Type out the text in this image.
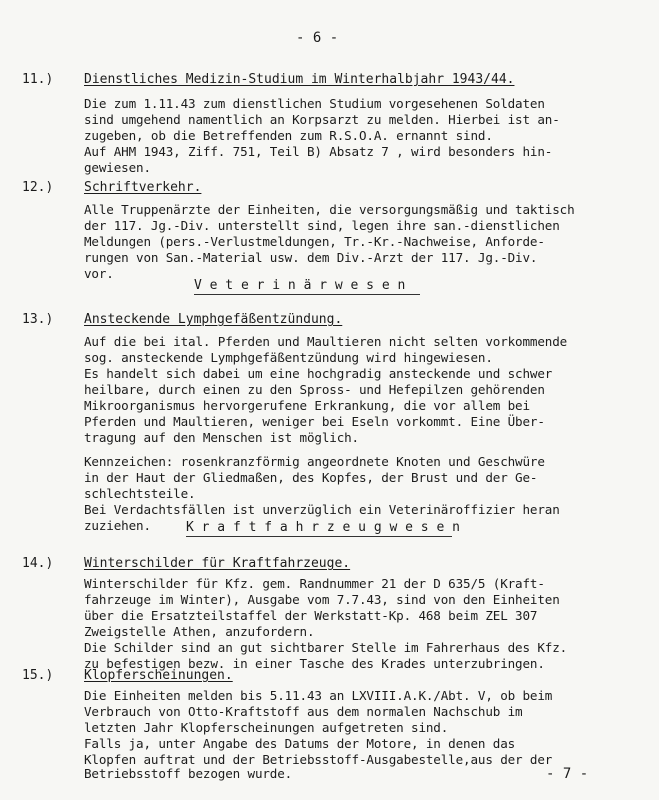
- 6 -
11.) Dienstliches Medizin-Studium im Winterhalbjahr 1943/44.
Die zum 1.11.43 zum dienstlichen Studium vorgesehenen Soldaten
sind umgehend namentlich an Korpsarzt zu melden. Hierbei ist an-
zugeben, ob die Betreffenden zum R.S.O.A. ernannt sind.
Auf AHM 1943, Ziff. 751, Teil B) Absatz 7 , wird besonders hin-
gewiesen.
12.) Schriftverkehr.
Alle Truppenärzte der Einheiten, die versorgungsmäßig und taktisch
der 117. Jg.-Div. unterstellt sind, legen ihre san.-dienstlichen
Meldungen (pers.-Verlustmeldungen, Tr.-Kr.-Nachweise, Anforde-
rungen von San.-Material usw. dem Div.-Arzt der 117. Jg.-Div.
vor.
V e t e r i n ä r w e s e n
13.) Ansteckende Lymphgefäßentzündung.
Auf die bei ital. Pferden und Maultieren nicht selten vorkommende
sog. ansteckende Lymphgefäßentzündung wird hingewiesen.
Es handelt sich dabei um eine hochgradig ansteckende und schwer
heilbare, durch einen zu den Spross- und Hefepilzen gehörenden
Mikroorganismus hervorgerufene Erkrankung, die vor allem bei
Pferden und Maultieren, weniger bei Eseln vorkommt. Eine Über-
tragung auf den Menschen ist möglich.
Kennzeichen: rosenkranzförmig angeordnete Knoten und Geschwüre
in der Haut der Gliedmaßen, des Kopfes, der Brust und der Ge-
schlechtsteile.
Bei Verdachtsfällen ist unverzüglich ein Veterinäroffizier heran
zuziehen.	K r a f t f a h r z e u g w e s e n
14.) Winterschilder für Kraftfahrzeuge.
Winterschilder für Kfz. gem. Randnummer 21 der D 635/5 (Kraft-
fahrzeuge im Winter), Ausgabe vom 7.7.43, sind von den Einheiten
über die Ersatzteilstaffel der Werkstatt-Kp. 468 beim ZEL 307
Zweigstelle Athen, anzufordern.
Die Schilder sind an gut sichtbarer Stelle im Fahrerhaus des Kfz.
zu befestigen bezw. in einer Tasche des Krades unterzubringen.
15.) Klopferscheinungen.
Die Einheiten melden bis 5.11.43 an LXVIII.A.K./Abt. V, ob beim
Verbrauch von Otto-Kraftstoff aus dem normalen Nachschub im
letzten Jahr Klopferscheinungen aufgetreten sind.
Falls ja, unter Angabe des Datums der Motore, in denen das
Klopfen auftrat und der Betriebsstoff-Ausgabestelle,aus der der
Betriebsstoff bezogen wurde.	- 7 -
